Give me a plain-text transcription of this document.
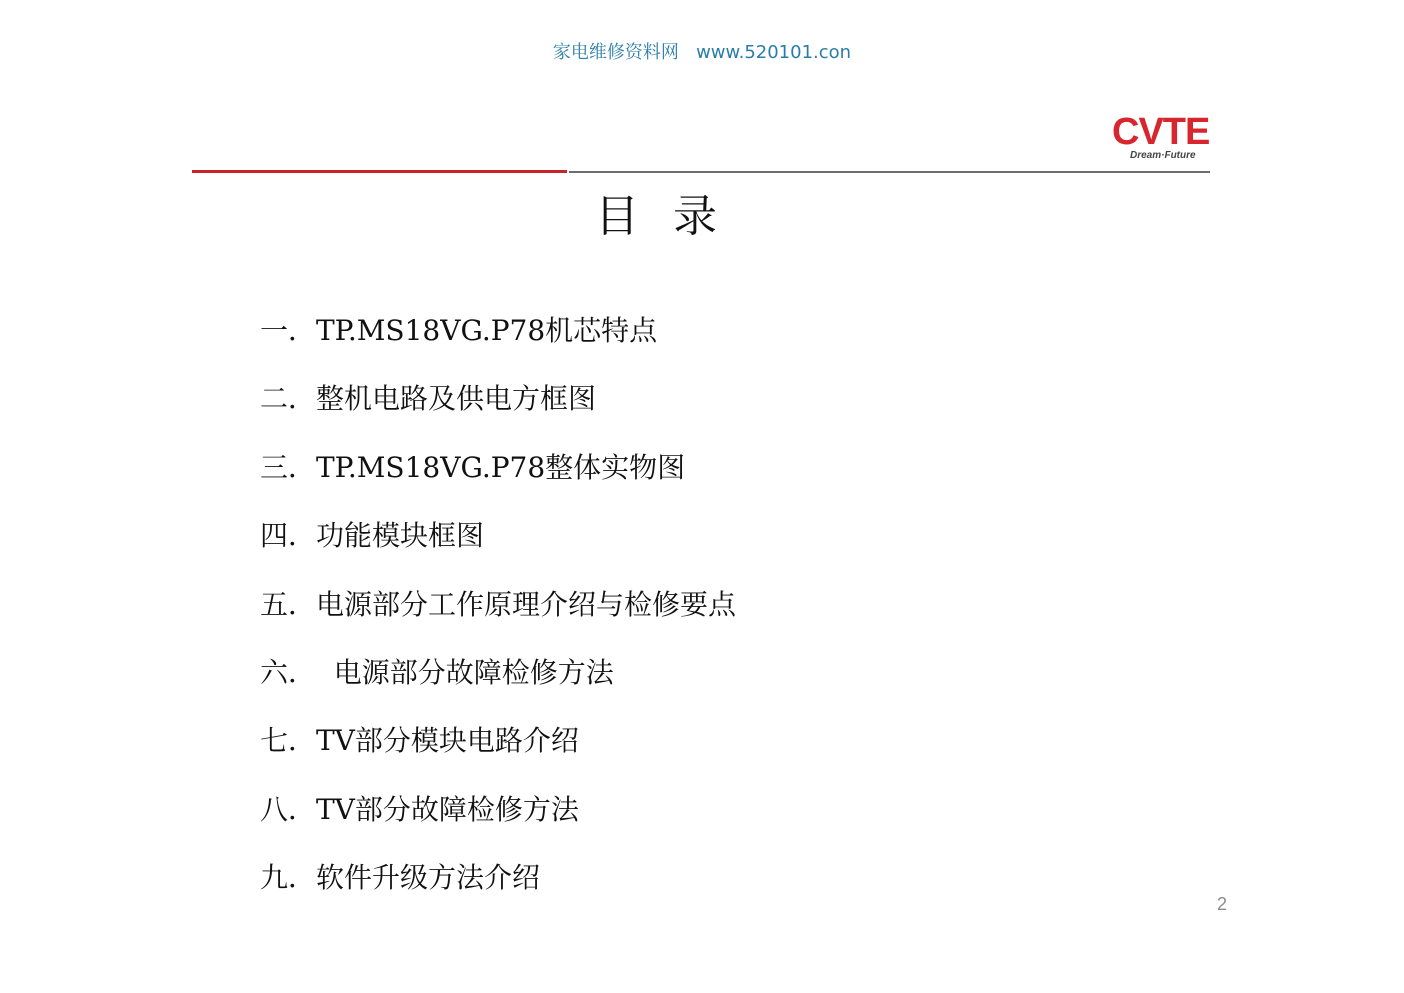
家电维修资料网   www.520101.con
CVTE
Dream·Future
目  录
一．TP.MS18VG.P78机芯特点
二．整机电路及供电方框图
三．TP.MS18VG.P78整体实物图
四．功能模块框图
五．电源部分工作原理介绍与检修要点
六．  电源部分故障检修方法
七．TV部分模块电路介绍
八．TV部分故障检修方法
九．软件升级方法介绍
2
